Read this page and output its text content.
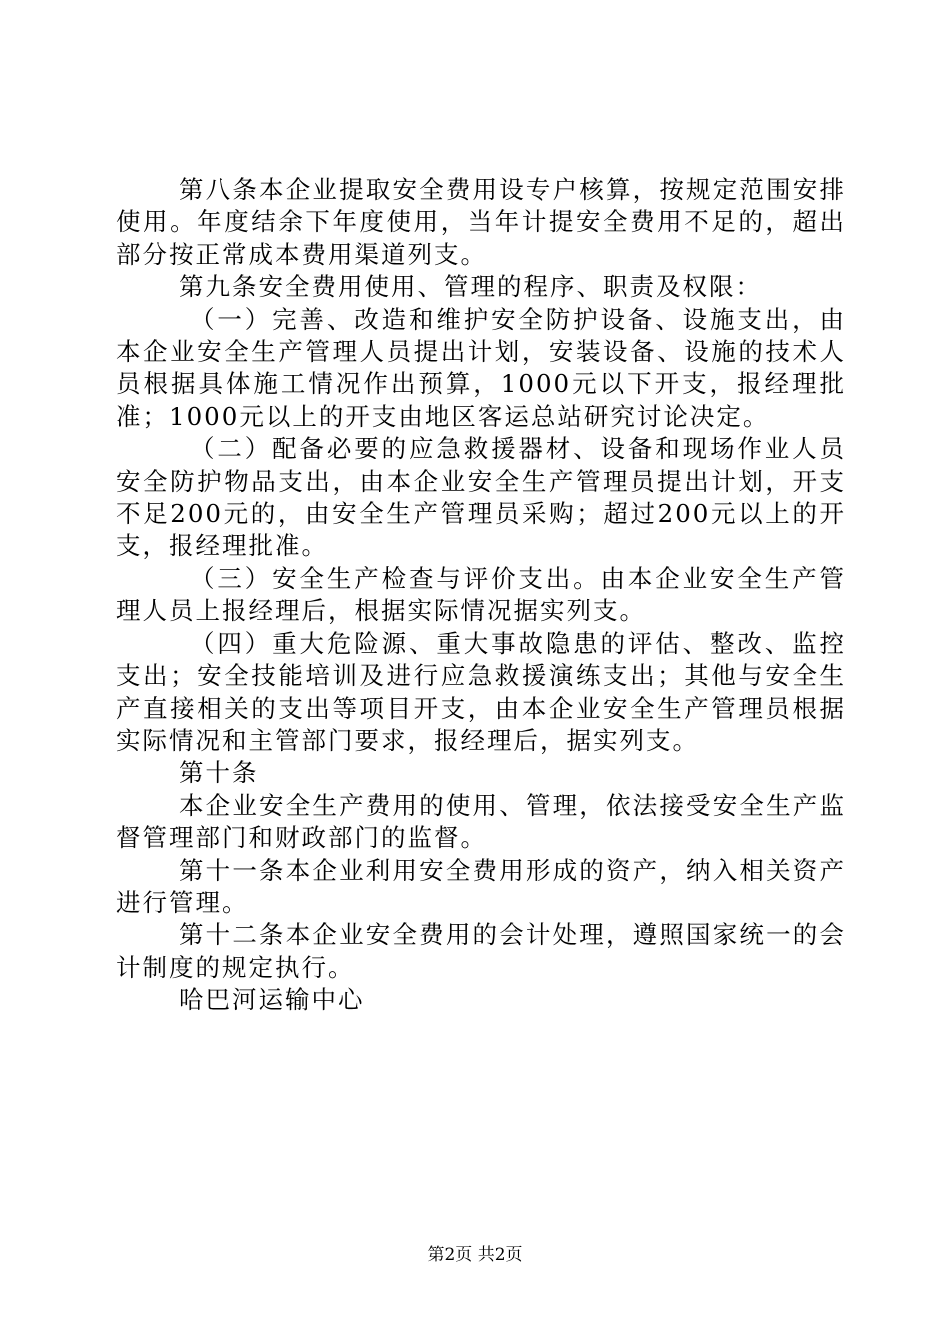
第八条本企业提取安全费用设专户核算，按规定范围安排使用。年度结余下年度使用，当年计提安全费用不足的，超出部分按正常成本费用渠道列支。

第九条安全费用使用、管理的程序、职责及权限：

（一）完善、改造和维护安全防护设备、设施支出，由本企业安全生产管理人员提出计划，安装设备、设施的技术人员根据具体施工情况作出预算，1000元以下开支，报经理批准；1000元以上的开支由地区客运总站研究讨论决定。

（二）配备必要的应急救援器材、设备和现场作业人员安全防护物品支出，由本企业安全生产管理员提出计划，开支不足200元的，由安全生产管理员采购；超过200元以上的开支，报经理批准。

（三）安全生产检查与评价支出。由本企业安全生产管理人员上报经理后，根据实际情况据实列支。

（四）重大危险源、重大事故隐患的评估、整改、监控支出；安全技能培训及进行应急救援演练支出；其他与安全生产直接相关的支出等项目开支，由本企业安全生产管理员根据实际情况和主管部门要求，报经理后，据实列支。

第十条

本企业安全生产费用的使用、管理，依法接受安全生产监督管理部门和财政部门的监督。

第十一条本企业利用安全费用形成的资产，纳入相关资产进行管理。

第十二条本企业安全费用的会计处理，遵照国家统一的会计制度的规定执行。

哈巴河运输中心

第2页 共2页
